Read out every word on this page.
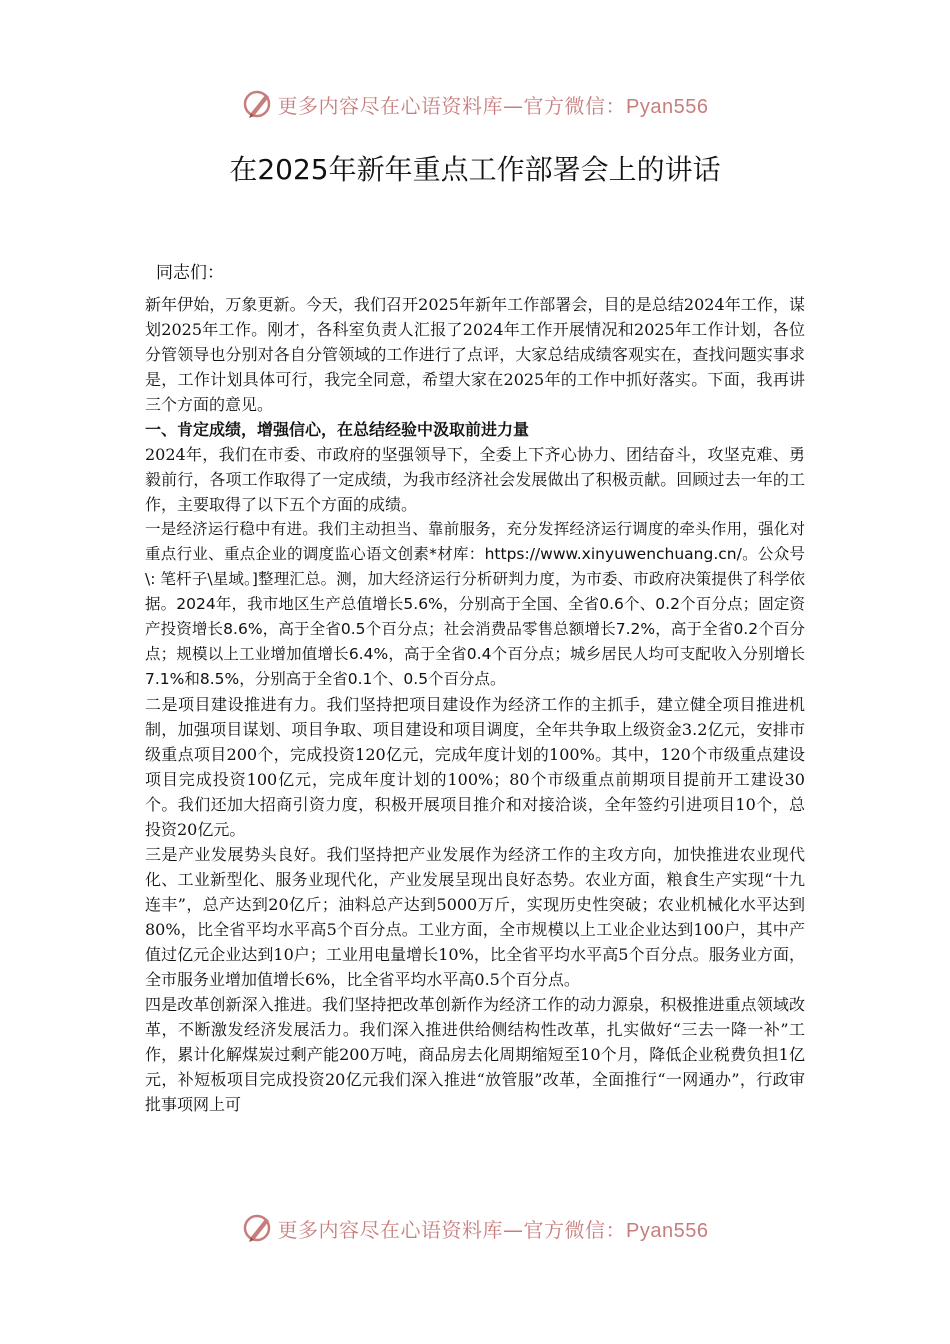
更多内容尽在心语资料库—官方微信：Pyan556
在2025年新年重点工作部署会上的讲话
同志们：

新年伊始，万象更新。今天，我们召开2025年新年工作部署会，目的是总结2024年工作，谋划2025年工作。刚才，各科室负责人汇报了2024年工作开展情况和2025年工作计划，各位分管领导也分别对各自分管领域的工作进行了点评，大家总结成绩客观实在，查找问题实事求是，工作计划具体可行，我完全同意，希望大家在2025年的工作中抓好落实。下面，我再讲三个方面的意见。

一、肯定成绩，增强信心，在总结经验中汲取前进力量

2024年，我们在市委、市政府的坚强领导下，全委上下齐心协力、团结奋斗，攻坚克难、勇毅前行，各项工作取得了一定成绩，为我市经济社会发展做出了积极贡献。回顾过去一年的工作，主要取得了以下五个方面的成绩。

一是经济运行稳中有进。我们主动担当、靠前服务，充分发挥经济运行调度的牵头作用，强化对重点行业、重点企业的调度监心语文创素*材库：https://www.xinyuwenchuang.cn/。公众号\: 笔杆子\星域。]整理汇总。测，加大经济运行分析研判力度，为市委、市政府决策提供了科学依据。2024年，我市地区生产总值增长5.6%，分别高于全国、全省0.6个、0.2个百分点；固定资产投资增长8.6%，高于全省0.5个百分点；社会消费品零售总额增长7.2%，高于全省0.2个百分点；规模以上工业增加值增长6.4%，高于全省0.4个百分点；城乡居民人均可支配收入分别增长7.1%和8.5%，分别高于全省0.1个、0.5个百分点。

二是项目建设推进有力。我们坚持把项目建设作为经济工作的主抓手，建立健全项目推进机制，加强项目谋划、项目争取、项目建设和项目调度，全年共争取上级资金3.2亿元，安排市级重点项目200个，完成投资120亿元，完成年度计划的100%。其中，120个市级重点建设项目完成投资100亿元，完成年度计划的100%；80个市级重点前期项目提前开工建设30个。我们还加大招商引资力度，积极开展项目推介和对接洽谈，全年签约引进项目10个，总投资20亿元。

三是产业发展势头良好。我们坚持把产业发展作为经济工作的主攻方向，加快推进农业现代化、工业新型化、服务业现代化，产业发展呈现出良好态势。农业方面，粮食生产实现“十九连丰”，总产达到20亿斤；油料总产达到5000万斤，实现历史性突破；农业机械化水平达到80%，比全省平均水平高5个百分点。工业方面，全市规模以上工业企业达到100户，其中产值过亿元企业达到10户；工业用电量增长10%，比全省平均水平高5个百分点。服务业方面，全市服务业增加值增长6%，比全省平均水平高0.5个百分点。

四是改革创新深入推进。我们坚持把改革创新作为经济工作的动力源泉，积极推进重点领域改革，不断激发经济发展活力。我们深入推进供给侧结构性改革，扎实做好“三去一降一补”工作，累计化解煤炭过剩产能200万吨，商品房去化周期缩短至10个月，降低企业税费负担1亿元，补短板项目完成投资20亿元我们深入推进“放管服”改革，全面推行“一网通办”，行政审批事项网上可

更多内容尽在心语资料库—官方微信：Pyan556
